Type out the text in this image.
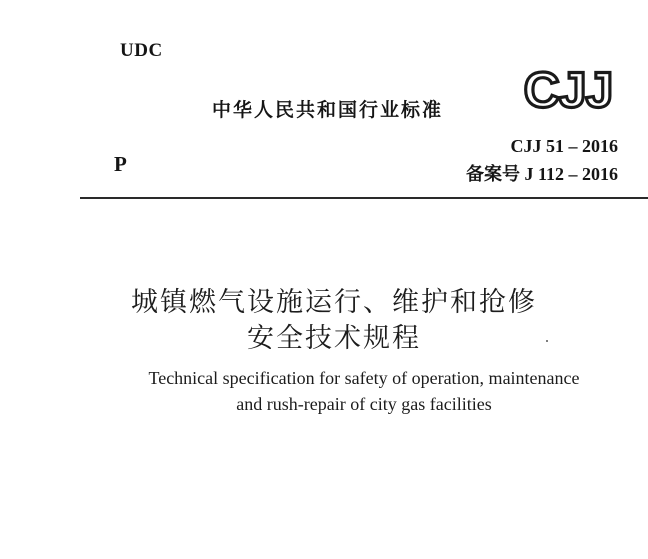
UDC
中华人民共和国行业标准 CJJ
CJJ 51 – 2016
P	备案号 J 112 – 2016
城镇燃气设施运行、维护和抢修
安全技术规程
Technical specification for safety of operation, maintenance
and rush-repair of city gas facilities
